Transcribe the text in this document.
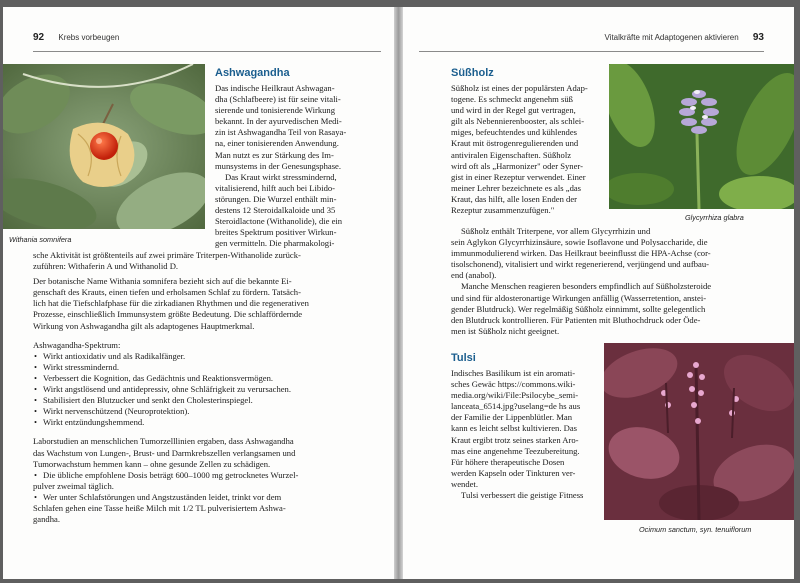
92 Krebs vorbeugen
Withania somnifera
Ashwagandha
Das indische Heilkraut Ashwagan-
dha (Schlafbeere) ist für seine vitali-
sierende und tonisierende Wirkung
bekannt. In der ayurvedischen Medi-
zin ist Ashwagandha Teil von Rasaya-
na, einer tonisierenden Anwendung.
Man nutzt es zur Stärkung des Im-
munsystems in der Genesungsphase.
Das Kraut wirkt stressmindernd,
vitalisierend, hilft auch bei Libido-
störungen. Die Wurzel enthält min-
destens 12 Steroidalkaloide und 35
Steroidlactone (Withanolide), die ein
breites Spektrum positiver Wirkun-
gen vermitteln. Die pharmakologi-
sche Aktivität ist größtenteils auf zwei primäre Triterpen-Withanolide zurück-
zuführen: Withaferin A und Withanolid D.
Der botanische Name Withania somnifera bezieht sich auf die bekannte Ei-
genschaft des Krauts, einen tiefen und erholsamen Schlaf zu fördern. Tatsäch-
lich hat die Tiefschlafphase für die zirkadianen Rhythmen und die regenerativen
Prozesse, einschließlich Immunsystem größte Bedeutung. Die schlaffördernde
Wirkung von Ashwagandha gilt als adaptogenes Hauptmerkmal.
Ashwagandha-Spektrum:
• Wirkt antioxidativ und als Radikalfänger.
• Wirkt stressmindernd.
• Verbessert die Kognition, das Gedächtnis und Reaktionsvermögen.
• Wirkt angstlösend und antidepressiv, ohne Schläfrigkeit zu verursachen.
• Stabilisiert den Blutzucker und senkt den Cholesterinspiegel.
• Wirkt nervenschützend (Neuroprotektion).
• Wirkt entzündungshemmend.
Laborstudien an menschlichen Tumorzelllinien ergaben, dass Ashwagandha
das Wachstum von Lungen-, Brust- und Darmkrebszellen verlangsamen und
Tumorwachstum hemmen kann – ohne gesunde Zellen zu schädigen.
• Die übliche empfohlene Dosis beträgt 600–1000 mg getrocknetes Wurzel-
pulver zweimal täglich.
• Wer unter Schlafstörungen und Angstzuständen leidet, trinkt vor dem
Schlafen gehen eine Tasse heiße Milch mit 1/2 TL pulverisiertem Ashwa-
gandha.
Vitalkräfte mit Adaptogenen aktivieren 93
Süßholz
Süßholz ist eines der populärsten Adap-
togene. Es schmeckt angenehm süß
und wird in der Regel gut vertragen,
gilt als Nebennierenbooster, als schlei-
miges, befeuchtendes und kühlendes
Kraut mit östrogenregulierenden und
antiviralen Eigenschaften. Süßholz
wird oft als „Harmonizer" oder Syner-
gist in einer Rezeptur verwendet. Einer
meiner Lehrer bezeichnete es als „das
Kraut, das hilft, alle losen Enden der
Rezeptur zusammenzufügen."
Glycyrrhiza glabra
Süßholz enthält Triterpene, vor allem Glycyrrhizin und
sein Aglykon Glycyrrhizinsäure, sowie Isoflavone und Polysaccharide, die
immunmodulierend wirken. Das Heilkraut beeinflusst die HPA-Achse (cor-
tisolschonend), vitalisiert und wirkt regenerierend, verjüngend und aufbau-
end (anabol).
Manche Menschen reagieren besonders empfindlich auf Süßholzsteroide
und sind für aldosteronartige Wirkungen anfällig (Wasserretention, anstei-
gender Blutdruck). Wer regelmäßig Süßholz einnimmt, sollte gelegentlich
den Blutdruck kontrollieren. Für Patienten mit Bluthochdruck oder Öde-
men ist Süßholz nicht geeignet.
Tulsi
Indisches Basilikum ist ein aromati-
sches Gewäc https://commons.wiki-
media.org/wiki/File:Psilocybe_semi-
lanceata_6514.jpg?uselang=de hs aus
der Familie der Lippenblütler. Man
kann es leicht selbst kultivieren. Das
Kraut ergibt trotz seines starken Aro-
mas eine angenehme Teezubereitung.
Für höhere therapeutische Dosen
werden Kapseln oder Tinkturen ver-
wendet.
Tulsi verbessert die geistige Fitness
Ocimum sanctum, syn. tenuiflorum
